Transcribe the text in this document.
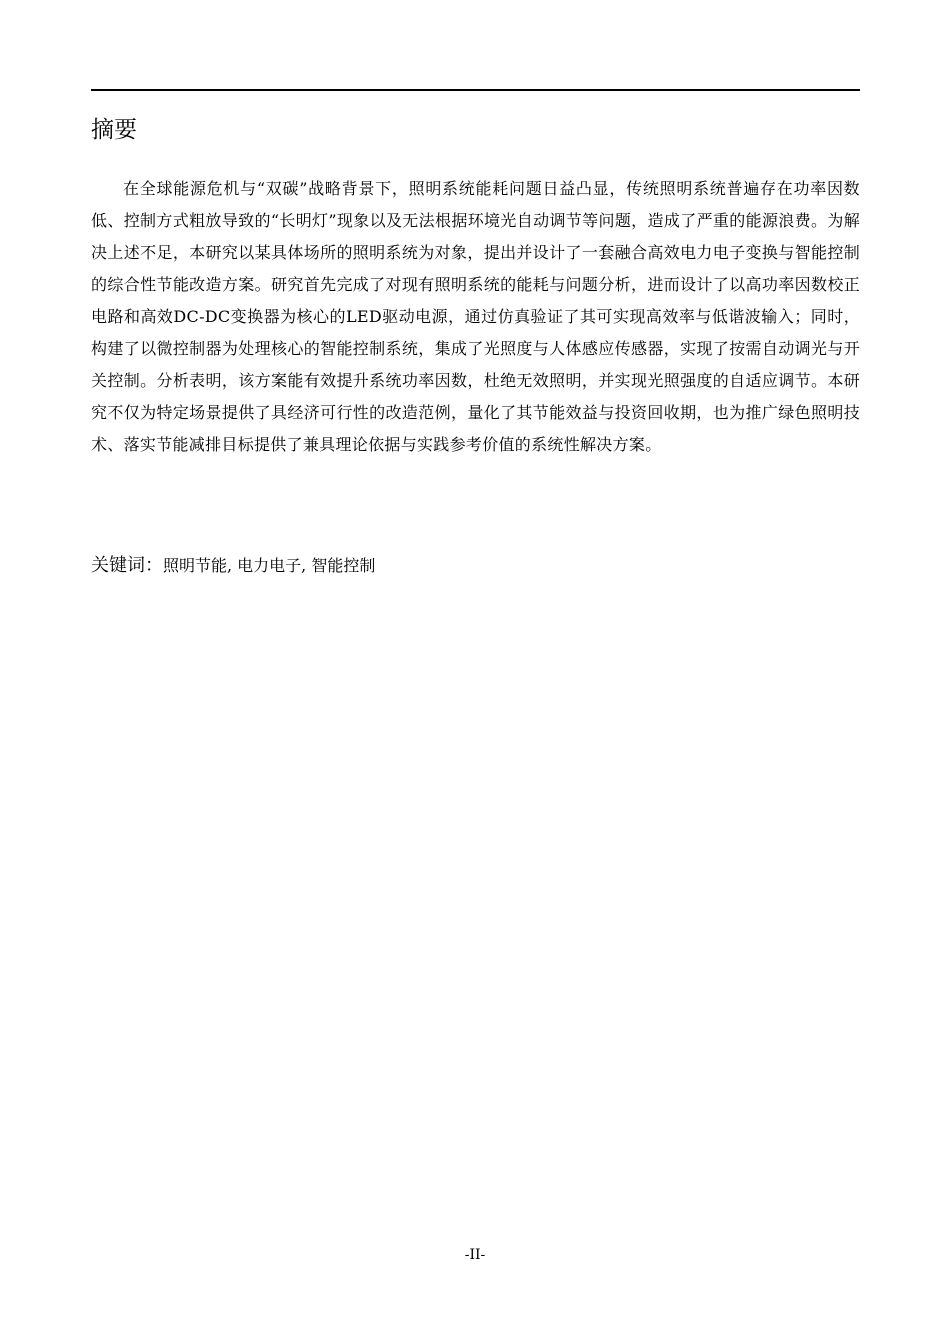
摘要

在全球能源危机与“双碳”战略背景下，照明系统能耗问题日益凸显，传统照明系统普遍存在功率因数低、控制方式粗放导致的“长明灯”现象以及无法根据环境光自动调节等问题，造成了严重的能源浪费。为解决上述不足，本研究以某具体场所的照明系统为对象，提出并设计了一套融合高效电力电子变换与智能控制的综合性节能改造方案。研究首先完成了对现有照明系统的能耗与问题分析，进而设计了以高功率因数校正电路和高效DC-DC变换器为核心的LED驱动电源，通过仿真验证了其可实现高效率与低谐波输入；同时，构建了以微控制器为处理核心的智能控制系统，集成了光照度与人体感应传感器，实现了按需自动调光与开关控制。分析表明，该方案能有效提升系统功率因数，杜绝无效照明，并实现光照强度的自适应调节。本研究不仅为特定场景提供了具经济可行性的改造范例，量化了其节能效益与投资回收期，也为推广绿色照明技术、落实节能减排目标提供了兼具理论依据与实践参考价值的系统性解决方案。

关键词：照明节能, 电力电子, 智能控制

-II-
